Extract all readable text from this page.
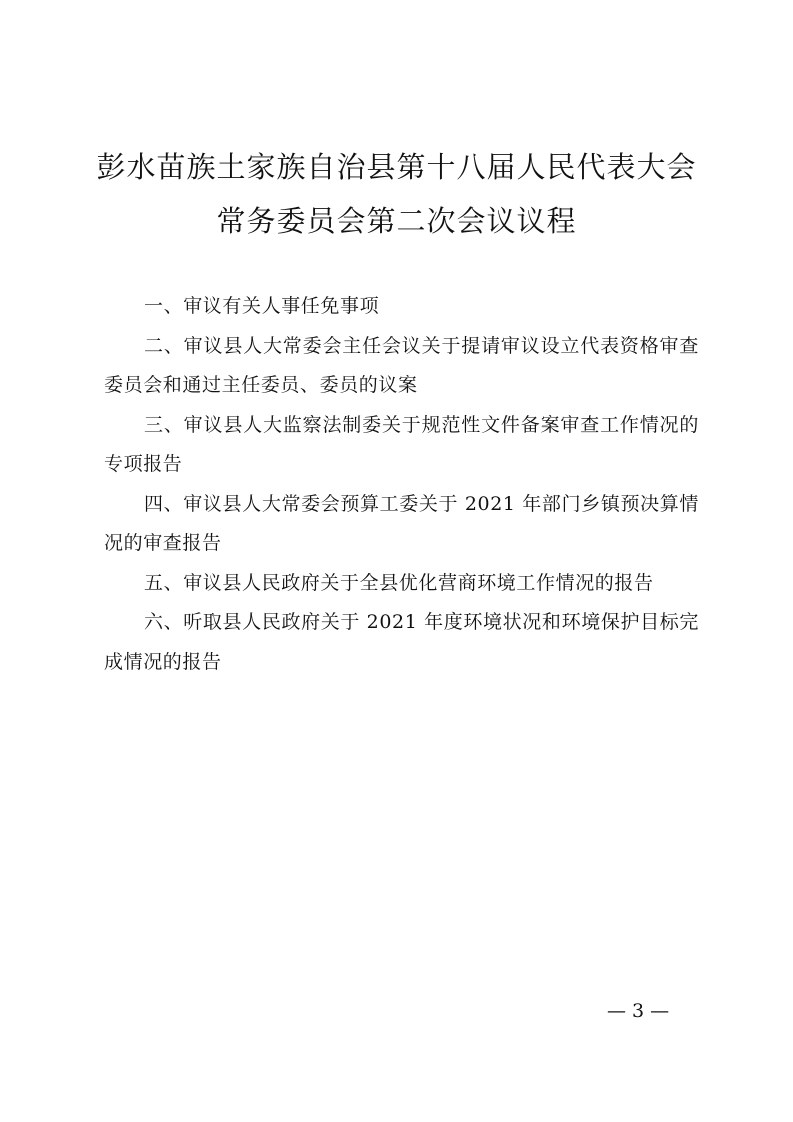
彭水苗族土家族自治县第十八届人民代表大会
常务委员会第二次会议议程

一、审议有关人事任免事项

二、审议县人大常委会主任会议关于提请审议设立代表资格审查委员会和通过主任委员、委员的议案

三、审议县人大监察法制委关于规范性文件备案审查工作情况的专项报告

四、审议县人大常委会预算工委关于 2021 年部门乡镇预决算情况的审查报告

五、审议县人民政府关于全县优化营商环境工作情况的报告

六、听取县人民政府关于 2021 年度环境状况和环境保护目标完成情况的报告

— 3 —
